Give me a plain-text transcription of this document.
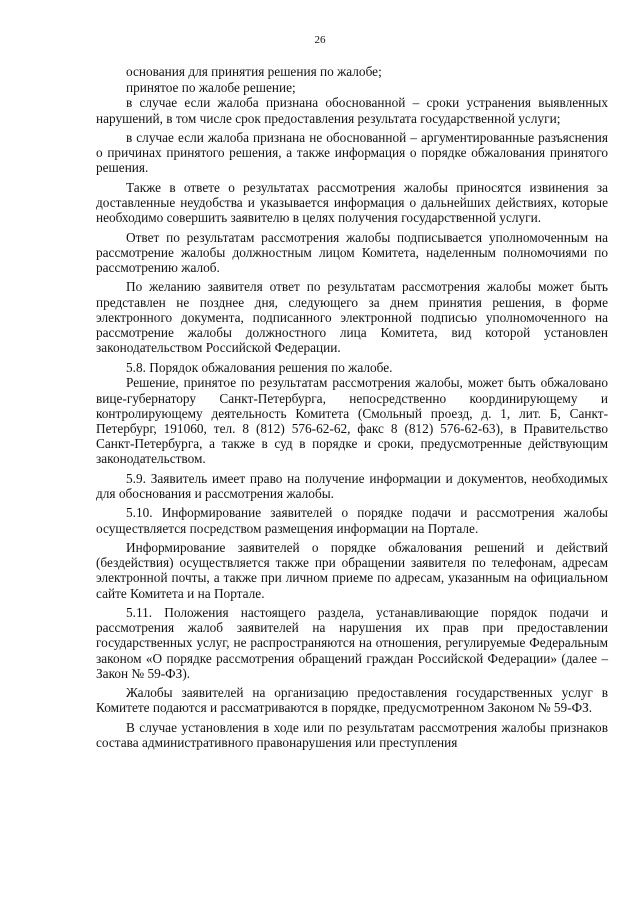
26

основания для принятия решения по жалобе;

принятое по жалобе решение;

в случае если жалоба признана обоснованной – сроки устранения выявленных нарушений, в том числе срок предоставления результата государственной услуги;

в случае если жалоба признана не обоснованной – аргументированные разъяснения о причинах принятого решения, а также информация о порядке обжалования принятого решения.

Также в ответе о результатах рассмотрения жалобы приносятся извинения за доставленные неудобства и указывается информация о дальнейших действиях, которые необходимо совершить заявителю в целях получения государственной услуги.

Ответ по результатам рассмотрения жалобы подписывается уполномоченным на рассмотрение жалобы должностным лицом Комитета, наделенным полномочиями по рассмотрению жалоб.

По желанию заявителя ответ по результатам рассмотрения жалобы может быть представлен не позднее дня, следующего за днем принятия решения, в форме электронного документа, подписанного электронной подписью уполномоченного на рассмотрение жалобы должностного лица Комитета, вид которой установлен законодательством Российской Федерации.

5.8. Порядок обжалования решения по жалобе.

Решение, принятое по результатам рассмотрения жалобы, может быть обжаловано вице-губернатору Санкт-Петербурга, непосредственно координирующему и контролирующему деятельность Комитета (Смольный проезд, д. 1, лит. Б, Санкт-Петербург, 191060, тел. 8 (812) 576-62-62, факс 8 (812) 576-62-63), в Правительство Санкт-Петербурга, а также в суд в порядке и сроки, предусмотренные действующим законодательством.

5.9. Заявитель имеет право на получение информации и документов, необходимых для обоснования и рассмотрения жалобы.

5.10. Информирование заявителей о порядке подачи и рассмотрения жалобы осуществляется посредством размещения информации на Портале.

Информирование заявителей о порядке обжалования решений и действий (бездействия) осуществляется также при обращении заявителя по телефонам, адресам электронной почты, а также при личном приеме по адресам, указанным на официальном сайте Комитета и на Портале.

5.11. Положения настоящего раздела, устанавливающие порядок подачи и рассмотрения жалоб заявителей на нарушения их прав при предоставлении государственных услуг, не распространяются на отношения, регулируемые Федеральным законом «О порядке рассмотрения обращений граждан Российской Федерации» (далее – Закон № 59-ФЗ).

Жалобы заявителей на организацию предоставления государственных услуг в Комитете подаются и рассматриваются в порядке, предусмотренном Законом № 59-ФЗ.

В случае установления в ходе или по результатам рассмотрения жалобы признаков состава административного правонарушения или преступления
